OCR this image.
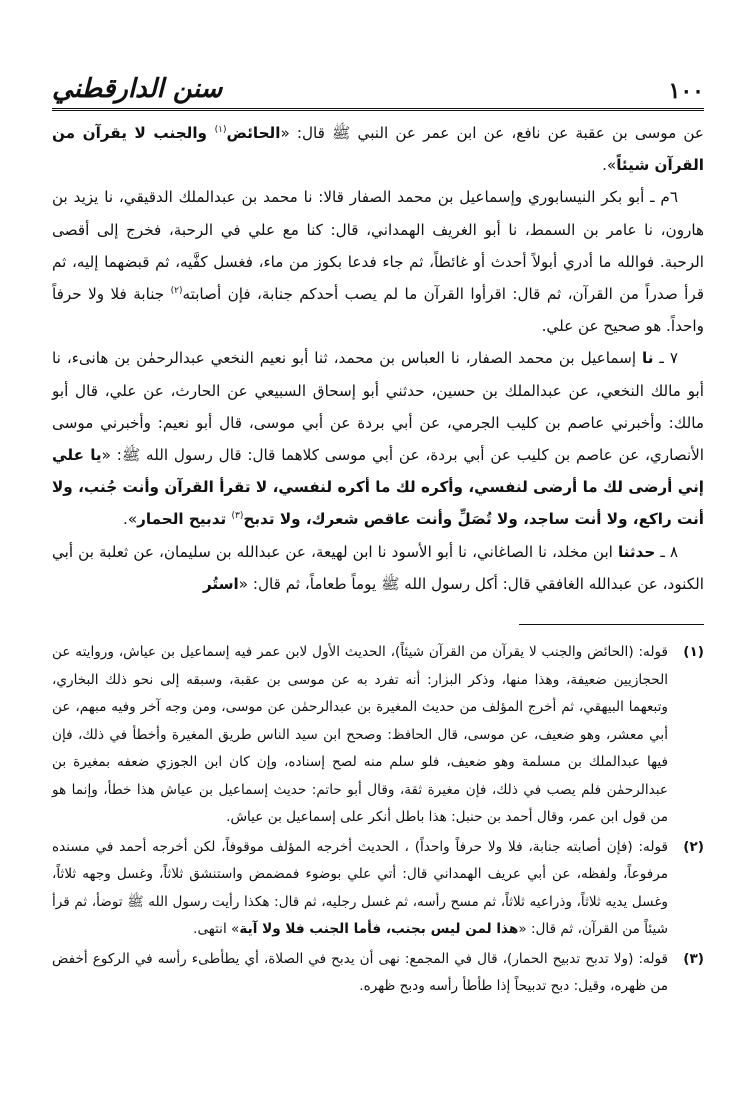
١٠٠
سنن الدارقطني

عن موسى بن عقبة عن نافع، عن ابن عمر عن النبي ﷺ قال: «الحائض$^{(١)}$ والجنب لا يقرآن من القرآن شيئاً».

٦م ـ أبو بكر النيسابوري وإسماعيل بن محمد الصفار قالا: نا محمد بن عبدالملك الدقيقي، نا يزيد بن هارون، نا عامر بن السمط، نا أبو الغريف الهمداني، قال: كنا مع علي في الرحبة، فخرج إلى أقصى الرحبة. فوالله ما أدري أبولاً أحدث أو غائطاً، ثم جاء فدعا بكوز من ماء، فغسل كفَّيه، ثم قبضهما إليه، ثم قرأ صدراً من القرآن، ثم قال: اقرأوا القرآن ما لم يصب أحدكم جنابة، فإن أصابته$^{(٢)}$ جنابة فلا ولا حرفاً واحداً. هو صحيح عن علي.

٧ ـ نا إسماعيل بن محمد الصفار، نا العباس بن محمد، ثنا أبو نعيم النخعي عبدالرحمٰن بن هانىء، نا أبو مالك النخعي، عن عبدالملك بن حسين، حدثني أبو إسحاق السبيعي عن الحارث، عن علي، قال أبو مالك: وأخبرني عاصم بن كليب الجرمي، عن أبي بردة عن أبي موسى، قال أبو نعيم: وأخبرني موسى الأنصاري، عن عاصم بن كليب عن أبي بردة، عن أبي موسى كلاهما قال: قال رسول الله ﷺ: «يا علي إني أرضى لك ما أرضى لنفسي، وأكره لك ما أكره لنفسي، لا تقرأ القرآن وأنت جُنب، ولا أنت راكع، ولا أنت ساجد، ولا تُصَلِّ وأنت عاقص شعرك، ولا تدبح$^{(٣)}$ تدبيح الحمار».

٨ ـ حدثنا ابن مخلد، نا الصاغاني، نا أبو الأسود نا ابن لهيعة، عن عبدالله بن سليمان، عن ثعلبة بن أبي الكنود، عن عبدالله الغافقي قال: أكل رسول الله ﷺ يوماً طعاماً، ثم قال: «استُر

(١)
قوله: (الحائض والجنب لا يقرآن من القرآن شيئاً)، الحديث الأول لابن عمر فيه إسماعيل بن عياش، وروايته عن الحجازيين ضعيفة، وهذا منها، وذكر البزار: أنه تفرد به عن موسى بن عقبة، وسبقه إلى نحو ذلك البخاري، وتبعهما البيهقي، ثم أخرج المؤلف من حديث المغيرة بن عبدالرحمٰن عن موسى، ومن وجه آخر وفيه مبهم، عن أبي معشر، وهو ضعيف، عن موسى، قال الحافظ: وصحح ابن سيد الناس طريق المغيرة وأخطأ في ذلك، فإن فيها عبدالملك بن مسلمة وهو ضعيف، فلو سلم منه لصح إسناده، وإن كان ابن الجوزي ضعفه بمغيرة بن عبدالرحمٰن فلم يصب في ذلك، فإن مغيرة ثقة، وقال أبو حاتم: حديث إسماعيل بن عياش هذا خطأ، وإنما هو من قول ابن عمر، وقال أحمد بن حنبل: هذا باطل أنكر على إسماعيل بن عياش.
(٢)
قوله: (فإن أصابته جنابة، فلا ولا حرفاً واحداً) ، الحديث أخرجه المؤلف موقوفاً، لكن أخرجه أحمد في مسنده مرفوعاً، ولفظه، عن أبي عريف الهمداني قال: أتي علي بوضوء فمضمض واستنشق ثلاثاً، وغسل وجهه ثلاثاً، وغسل يديه ثلاثاً، وذراعيه ثلاثاً، ثم مسح رأسه، ثم غسل رجليه، ثم قال: هكذا رأيت رسول الله ﷺ توضأ، ثم قرأ شيئاً من القرآن، ثم قال: «هذا لمن ليس بجنب، فأما الجنب فلا ولا آية» انتهى.
(٣)
قوله: (ولا تدبح تدبيح الحمار)، قال في المجمع: نهى أن يدبح في الصلاة، أي يطأطىء رأسه في الركوع أخفض من ظهره، وقيل: دبح تدبيحاً إذا طأطأ رأسه ودبح ظهره.
